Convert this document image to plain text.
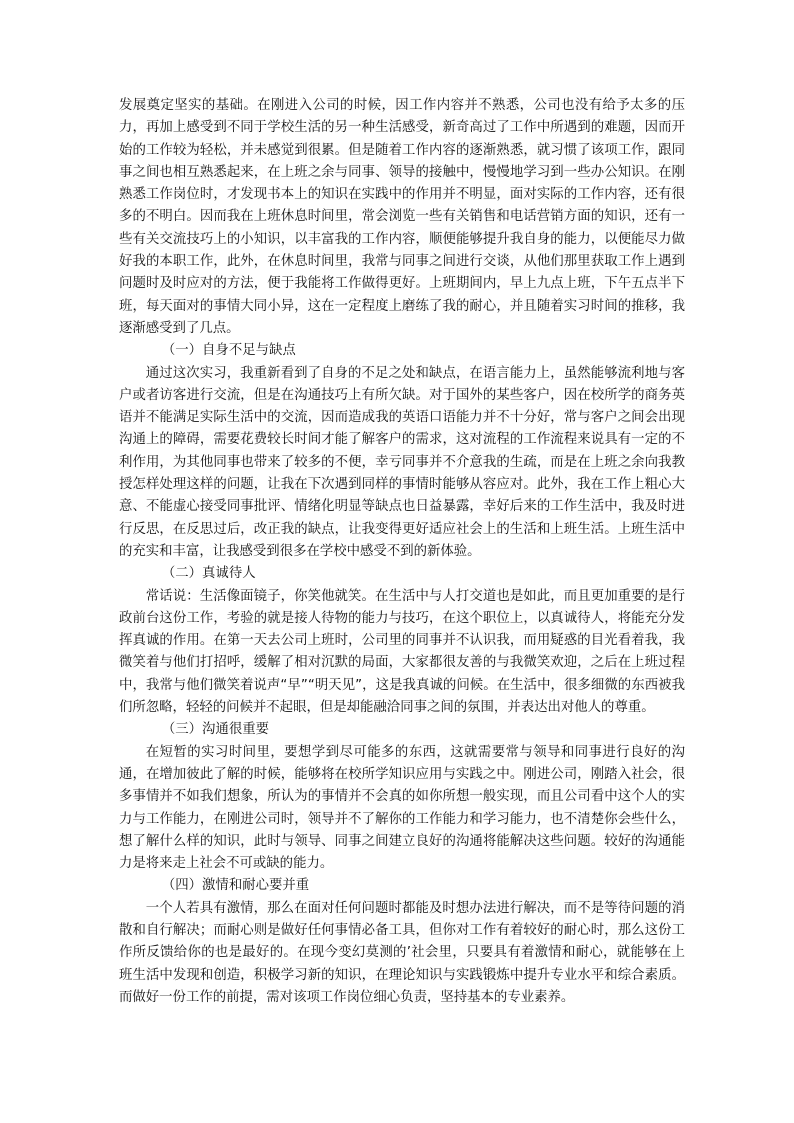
发展奠定坚实的基础。在刚进入公司的时候，因工作内容并不熟悉，公司也没有给予太多的压力，再加上感受到不同于学校生活的另一种生活感受，新奇高过了工作中所遇到的难题，因而开始的工作较为轻松，并未感觉到很累。但是随着工作内容的逐渐熟悉，就习惯了该项工作，跟同事之间也相互熟悉起来，在上班之余与同事、领导的接触中，慢慢地学习到一些办公知识。在刚熟悉工作岗位时，才发现书本上的知识在实践中的作用并不明显，面对实际的工作内容，还有很多的不明白。因而我在上班休息时间里，常会浏览一些有关销售和电话营销方面的知识，还有一些有关交流技巧上的小知识，以丰富我的工作内容，顺便能够提升我自身的能力，以便能尽力做好我的本职工作，此外，在休息时间里，我常与同事之间进行交谈，从他们那里获取工作上遇到问题时及时应对的方法，便于我能将工作做得更好。上班期间内，早上九点上班，下午五点半下班，每天面对的事情大同小异，这在一定程度上磨练了我的耐心，并且随着实习时间的推移，我逐渐感受到了几点。

（一）自身不足与缺点

通过这次实习，我重新看到了自身的不足之处和缺点，在语言能力上，虽然能够流利地与客户或者访客进行交流，但是在沟通技巧上有所欠缺。对于国外的某些客户，因在校所学的商务英语并不能满足实际生活中的交流，因而造成我的英语口语能力并不十分好，常与客户之间会出现沟通上的障碍，需要花费较长时间才能了解客户的需求，这对流程的工作流程来说具有一定的不利作用，为其他同事也带来了较多的不便，幸亏同事并不介意我的生疏，而是在上班之余向我教授怎样处理这样的问题，让我在下次遇到同样的事情时能够从容应对。此外，我在工作上粗心大意、不能虚心接受同事批评、情绪化明显等缺点也日益暴露，幸好后来的工作生活中，我及时进行反思，在反思过后，改正我的缺点，让我变得更好适应社会上的生活和上班生活。上班生活中的充实和丰富，让我感受到很多在学校中感受不到的新体验。

（二）真诚待人

常话说：生活像面镜子，你笑他就笑。在生活中与人打交道也是如此，而且更加重要的是行政前台这份工作，考验的就是接人待物的能力与技巧，在这个职位上，以真诚待人，将能充分发挥真诚的作用。在第一天去公司上班时，公司里的同事并不认识我，而用疑惑的目光看着我，我微笑着与他们打招呼，缓解了相对沉默的局面，大家都很友善的与我微笑欢迎，之后在上班过程中，我常与他们微笑着说声“早”“明天见”，这是我真诚的问候。在生活中，很多细微的东西被我们所忽略，轻轻的问候并不起眼，但是却能融洽同事之间的氛围，并表达出对他人的尊重。

（三）沟通很重要

在短暂的实习时间里，要想学到尽可能多的东西，这就需要常与领导和同事进行良好的沟通，在增加彼此了解的时候，能够将在校所学知识应用与实践之中。刚进公司，刚踏入社会，很多事情并不如我们想象，所认为的事情并不会真的如你所想一般实现，而且公司看中这个人的实力与工作能力，在刚进公司时，领导并不了解你的工作能力和学习能力，也不清楚你会些什么，想了解什么样的知识，此时与领导、同事之间建立良好的沟通将能解决这些问题。较好的沟通能力是将来走上社会不可或缺的能力。

（四）激情和耐心要并重

一个人若具有激情，那么在面对任何问题时都能及时想办法进行解决，而不是等待问题的消散和自行解决；而耐心则是做好任何事情必备工具，但你对工作有着较好的耐心时，那么这份工作所反馈给你的也是最好的。在现今变幻莫测的’社会里，只要具有着激情和耐心，就能够在上班生活中发现和创造，积极学习新的知识，在理论知识与实践锻炼中提升专业水平和综合素质。而做好一份工作的前提，需对该项工作岗位细心负责，坚持基本的专业素养。
